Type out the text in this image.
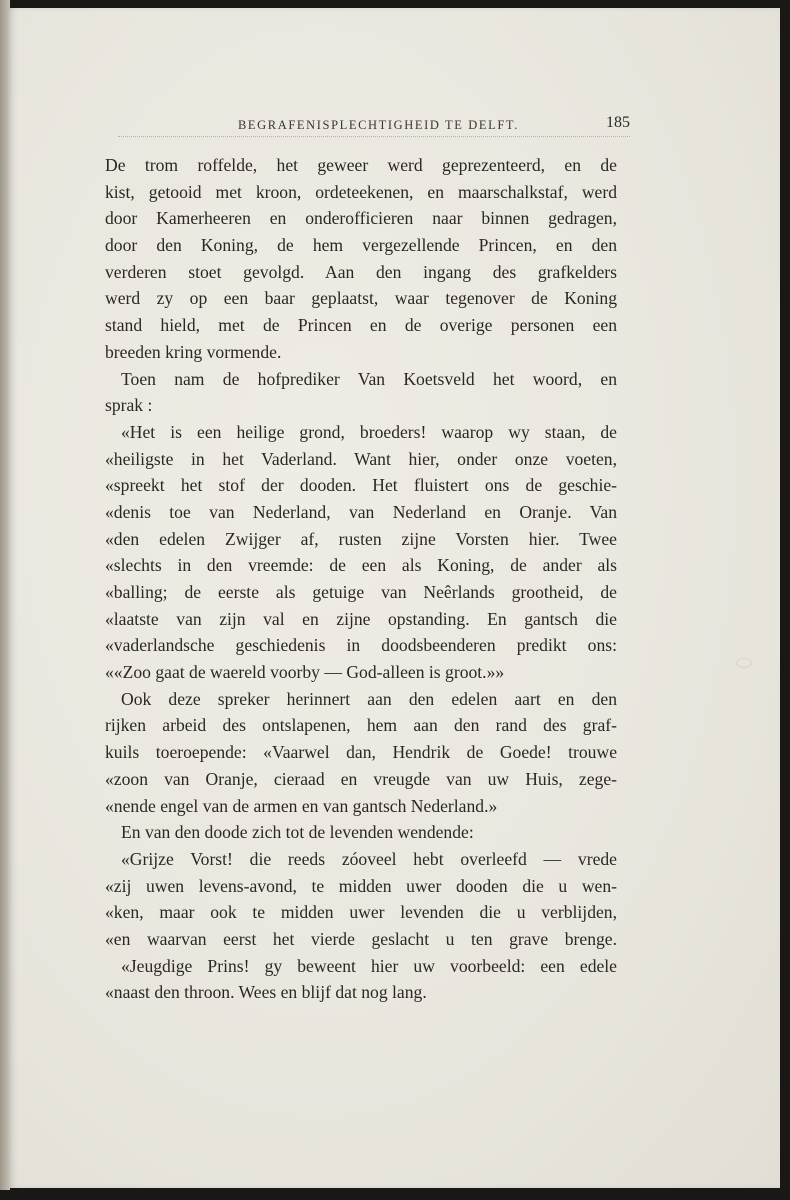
BEGRAFENISPLECHTIGHEID TE DELFT.	185
De trom roffelde, het geweer werd geprezenteerd, en de
kist, getooid met kroon, ordeteekenen, en maarschalkstaf, werd
door Kamerheeren en onderofficieren naar binnen gedragen,
door den Koning, de hem vergezellende Princen, en den
verderen stoet gevolgd. Aan den ingang des grafkelders
werd zy op een baar geplaatst, waar tegenover de Koning
stand hield, met de Princen en de overige personen een
breeden kring vormende.
Toen nam de hofprediker Van Koetsveld het woord, en
sprak :
«Het is een heilige grond, broeders! waarop wy staan, de
«heiligste in het Vaderland. Want hier, onder onze voeten,
«spreekt het stof der dooden. Het fluistert ons de geschie-
«denis toe van Nederland, van Nederland en Oranje. Van
«den edelen Zwijger af, rusten zijne Vorsten hier. Twee
«slechts in den vreemde: de een als Koning, de ander als
«balling; de eerste als getuige van Neêrlands grootheid, de
«laatste van zijn val en zijne opstanding. En gantsch die
«vaderlandsche geschiedenis in doodsbeenderen predikt ons:
««Zoo gaat de waereld voorby — God-alleen is groot.»»
Ook deze spreker herinnert aan den edelen aart en den
rijken arbeid des ontslapenen, hem aan den rand des graf-
kuils toeroepende: «Vaarwel dan, Hendrik de Goede! trouwe
«zoon van Oranje, cieraad en vreugde van uw Huis, zege-
«nende engel van de armen en van gantsch Nederland.»
En van den doode zich tot de levenden wendende:
«Grijze Vorst! die reeds zóoveel hebt overleefd — vrede
«zij uwen levens-avond, te midden uwer dooden die u wen-
«ken, maar ook te midden uwer levenden die u verblijden,
«en waarvan eerst het vierde geslacht u ten grave brenge.
«Jeugdige Prins! gy beweent hier uw voorbeeld: een edele
«naast den throon. Wees en blijf dat nog lang.
